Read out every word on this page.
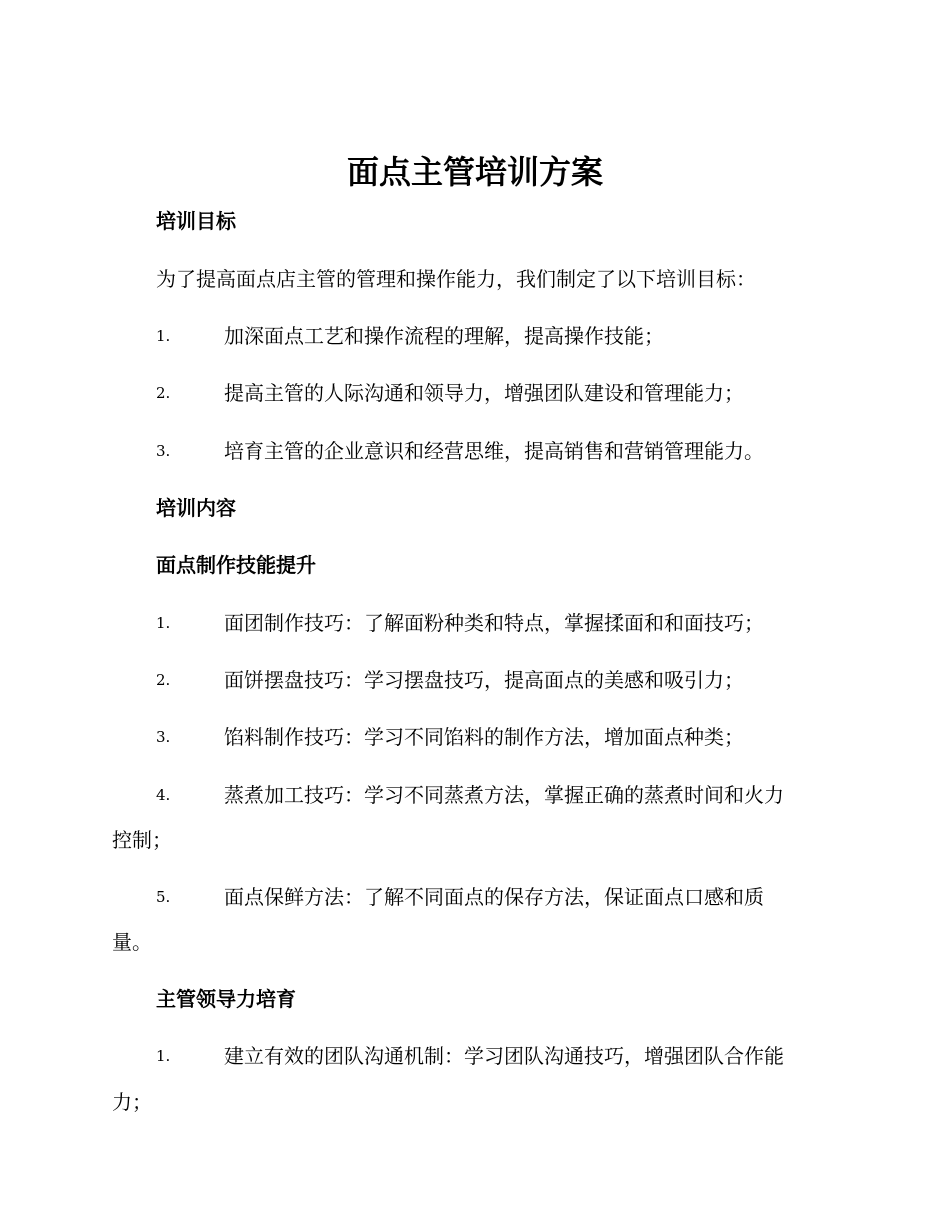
面点主管培训方案
培训目标
为了提高面点店主管的管理和操作能力，我们制定了以下培训目标：
1.	加深面点工艺和操作流程的理解，提高操作技能；
2.	提高主管的人际沟通和领导力，增强团队建设和管理能力；
3.	培育主管的企业意识和经营思维，提高销售和营销管理能力。
培训内容
面点制作技能提升
1.	面团制作技巧：了解面粉种类和特点，掌握揉面和和面技巧；
2.	面饼摆盘技巧：学习摆盘技巧，提高面点的美感和吸引力；
3.	馅料制作技巧：学习不同馅料的制作方法，增加面点种类；
4.	蒸煮加工技巧：学习不同蒸煮方法，掌握正确的蒸煮时间和火力
控制；
5.	面点保鲜方法：了解不同面点的保存方法，保证面点口感和质
量。
主管领导力培育
1.	建立有效的团队沟通机制：学习团队沟通技巧，增强团队合作能
力；
